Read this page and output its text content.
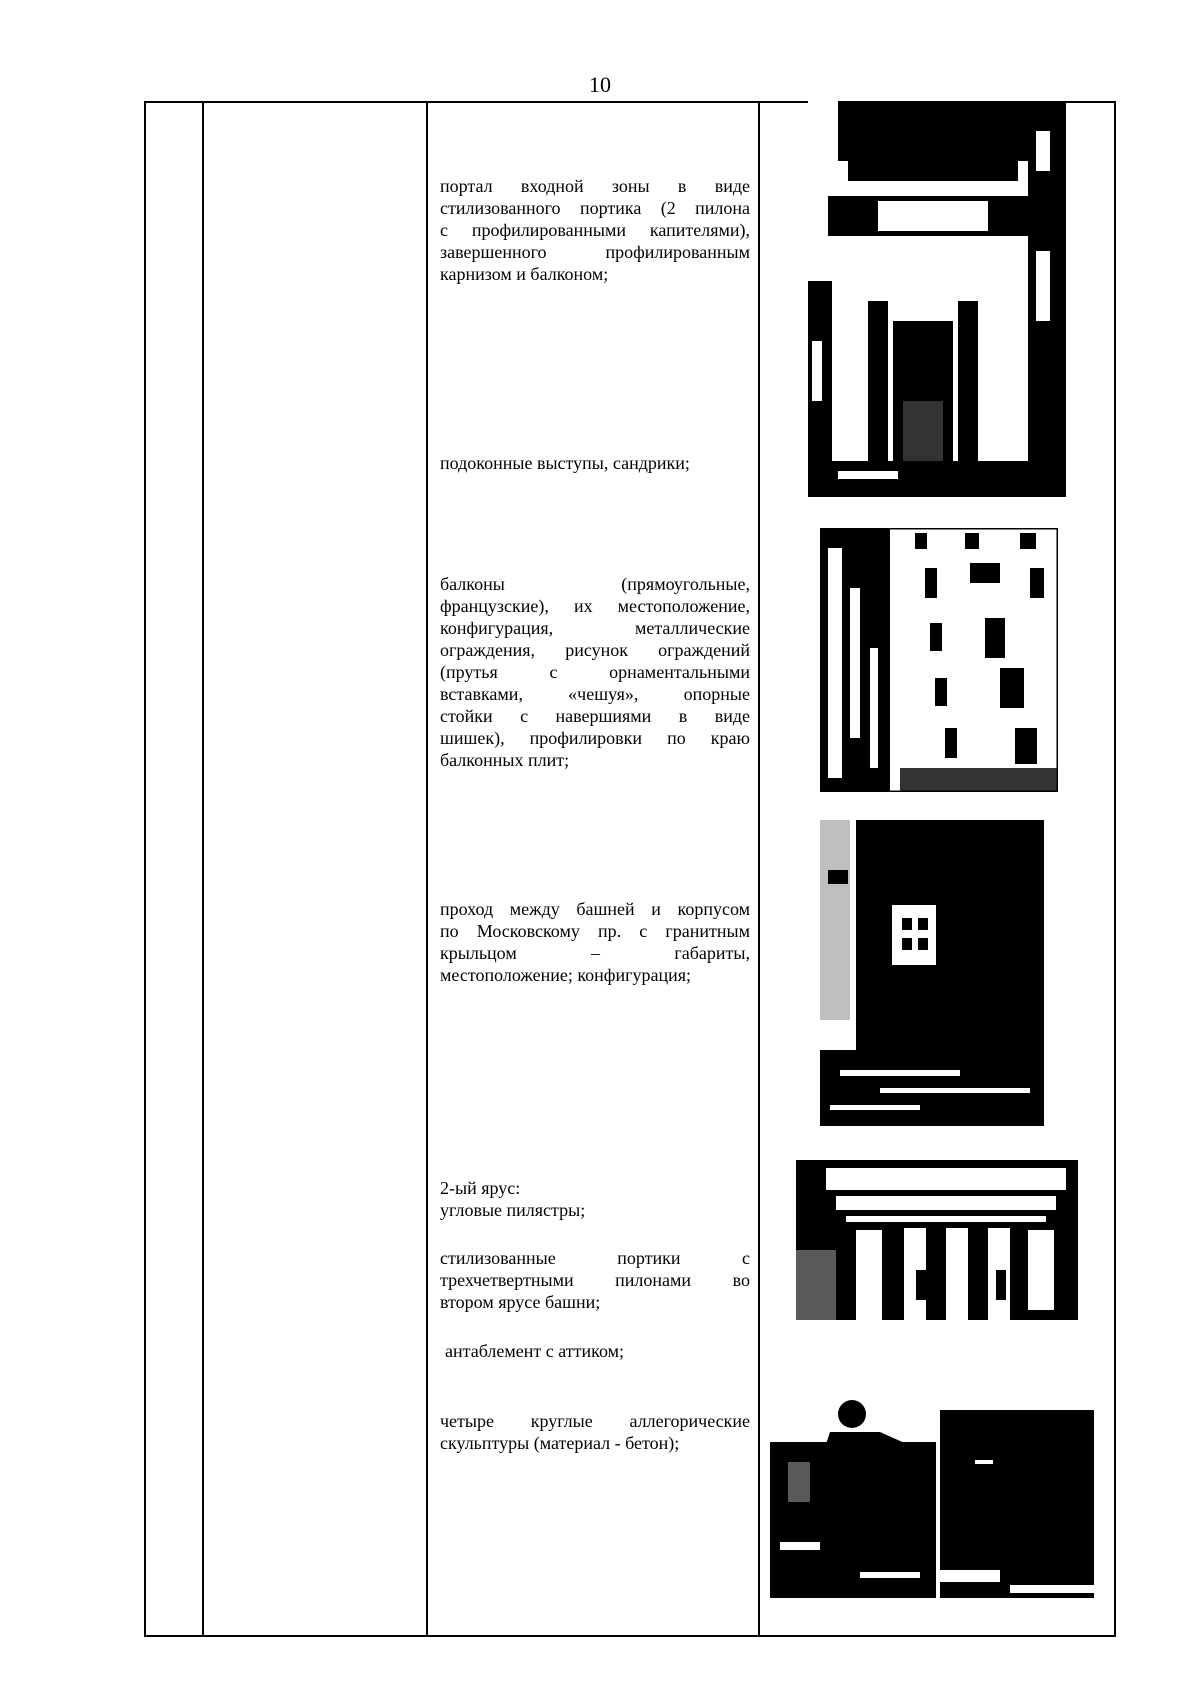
10
портал входной зоны в виде
стилизованного портика (2 пилона
с профилированными капителями),
завершенного профилированным
карнизом и балконом;
подоконные выступы, сандрики;
балконы (прямоугольные,
французские), их местоположение,
конфигурация, металлические
ограждения, рисунок ограждений
(прутья с орнаментальными
вставками, «чешуя», опорные
стойки с навершиями в виде
шишек), профилировки по краю
балконных плит;
проход между башней и корпусом
по Московскому пр. с гранитным
крыльцом – габариты,
местоположение; конфигурация;
2-ый ярус:
угловые пилястры;
стилизованные портики с
трехчетвертными пилонами во
втором ярусе башни;
антаблемент с аттиком;
четыре круглые аллегорические
скульптуры (материал - бетон);
